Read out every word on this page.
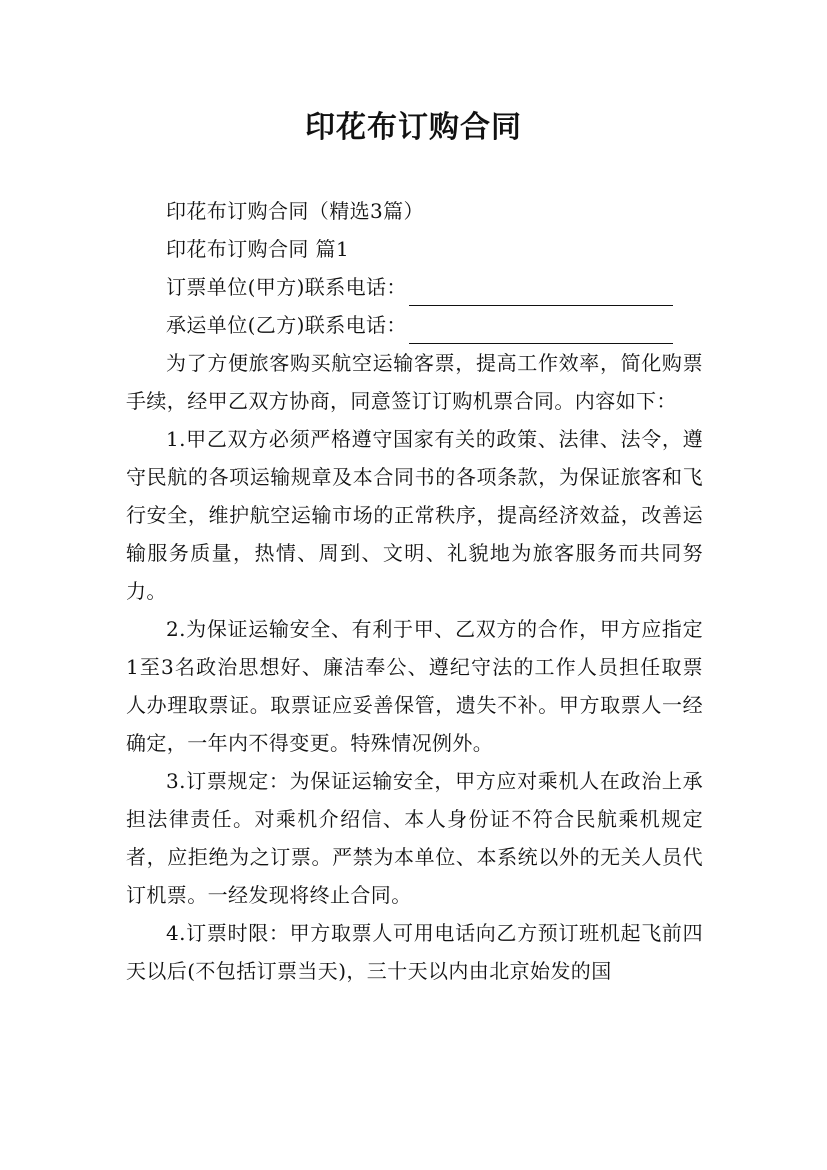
印花布订购合同

印花布订购合同（精选3篇）

印花布订购合同 篇1

订票单位(甲方)联系电话：

承运单位(乙方)联系电话：

为了方便旅客购买航空运输客票，提高工作效率，简化购票手续，经甲乙双方协商，同意签订订购机票合同。内容如下：

1.甲乙双方必须严格遵守国家有关的政策、法律、法令，遵守民航的各项运输规章及本合同书的各项条款，为保证旅客和飞行安全，维护航空运输市场的正常秩序，提高经济效益，改善运输服务质量，热情、周到、文明、礼貌地为旅客服务而共同努力。

2.为保证运输安全、有利于甲、乙双方的合作，甲方应指定1至3名政治思想好、廉洁奉公、遵纪守法的工作人员担任取票人办理取票证。取票证应妥善保管，遗失不补。甲方取票人一经确定，一年内不得变更。特殊情况例外。

3.订票规定：为保证运输安全，甲方应对乘机人在政治上承担法律责任。对乘机介绍信、本人身份证不符合民航乘机规定者，应拒绝为之订票。严禁为本单位、本系统以外的无关人员代订机票。一经发现将终止合同。

4.订票时限：甲方取票人可用电话向乙方预订班机起飞前四天以后(不包括订票当天)，三十天以内由北京始发的国
